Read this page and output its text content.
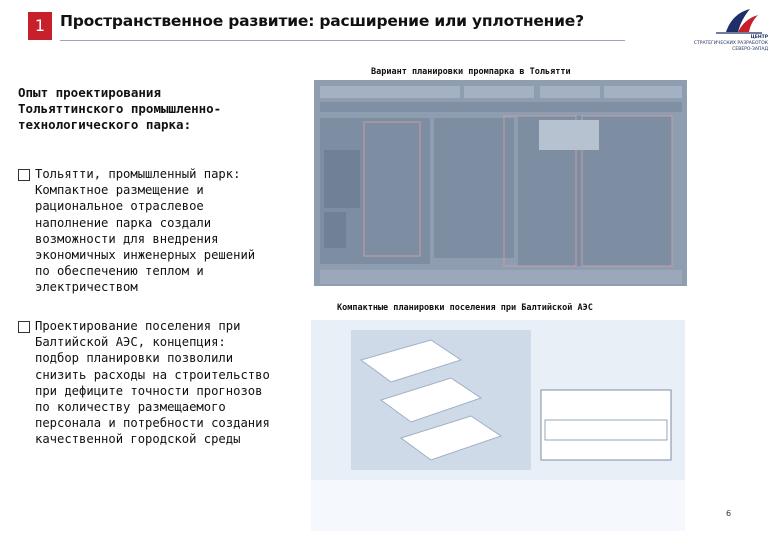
1 Пространственное развитие: расширение или уплотнение?
ЦЕНТР
СТРАТЕГИЧЕСКИХ РАЗРАБОТОК
СЕВЕРО-ЗАПАД
Опыт проектирования Тольяттинского промышленно-технологического парка:
Тольятти, промышленный парк: Компактное размещение и рациональное отраслевое наполнение парка создали возможности для внедрения экономичных инженерных решений по обеспечению теплом и электричеством
Проектирование поселения при Балтийской АЭС, концепция: подбор планировки позволили снизить расходы на строительство при дефиците точности прогнозов по количеству размещаемого персонала и потребности создания качественной городской среды
Вариант планировки промпарка в Тольятти
Компактные планировки поселения при Балтийской АЭС
6
